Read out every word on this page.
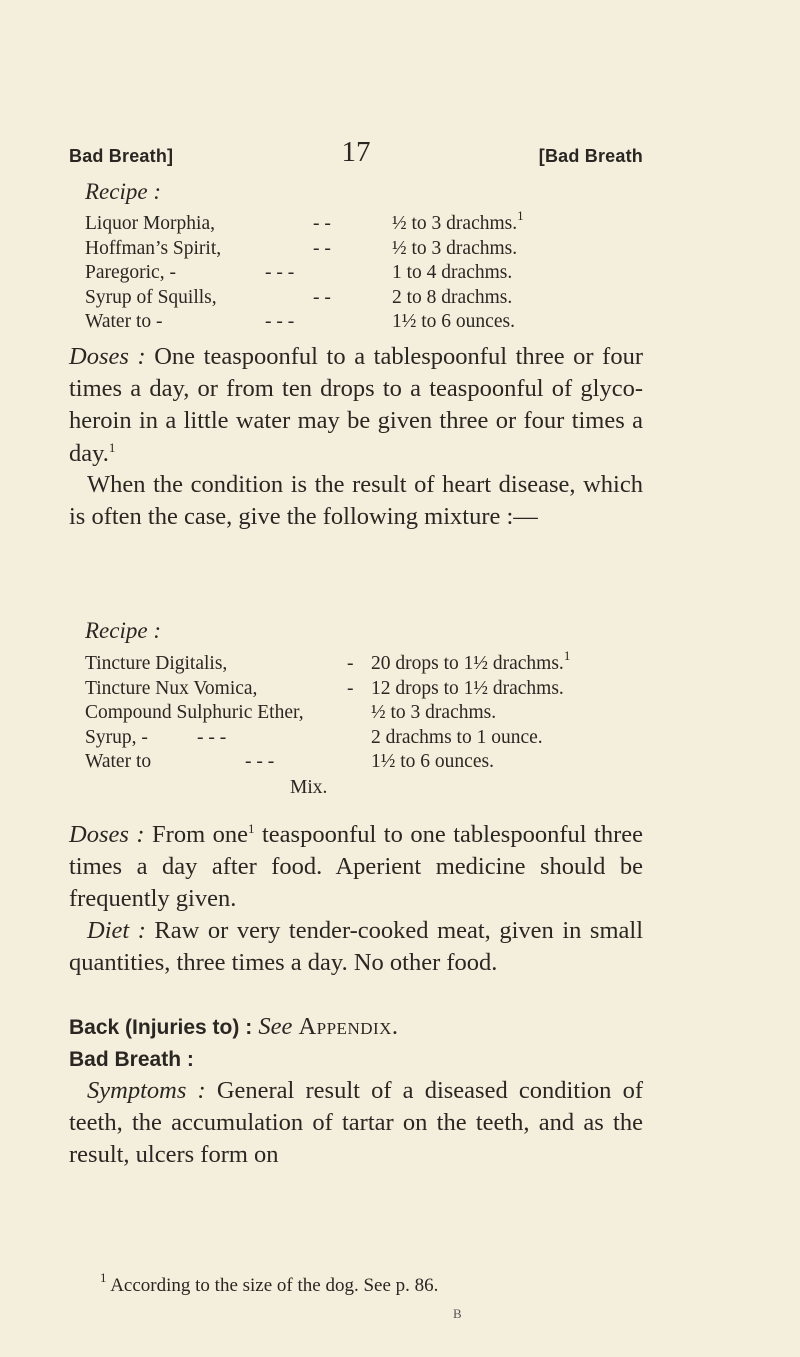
Bad Breath]	17	[Bad Breath
Recipe :
Liquor Morphia,	- -	½ to 3 drachms.$^1$
Hoffman’s Spirit,	- -	½ to 3 drachms.
Paregoric, -	- - -	1 to 4 drachms.
Syrup of Squills,	- -	2 to 8 drachms.
Water to -	- - -	1½ to 6 ounces.

Doses : One teaspoonful to a tablespoonful three or four times a day, or from ten drops to a teaspoonful of glyco-heroin in a little water may be given three or four times a day.$^1$

When the condition is the result of heart disease, which is often the case, give the following mixture :—

Recipe :
Tincture Digitalis,	- 20 drops to 1½ drachms.$^1$
Tincture Nux Vomica,	- 12 drops to 1½ drachms.
Compound Sulphuric Ether,	½ to 3 drachms.
Syrup, -	- - -	2 drachms to 1 ounce.
Water to	- - -	1½ to 6 ounces.
Mix.

Doses : From one$^1$ teaspoonful to one tablespoonful three times a day after food. Aperient medicine should be frequently given.

Diet : Raw or very tender-cooked meat, given in small quantities, three times a day. No other food.

Back (Injuries to) : See Appendix.

Bad Breath :

Symptoms : General result of a diseased condition of teeth, the accumulation of tartar on the teeth, and as the result, ulcers form on

$^1$ According to the size of the dog. See p. 86.
B
